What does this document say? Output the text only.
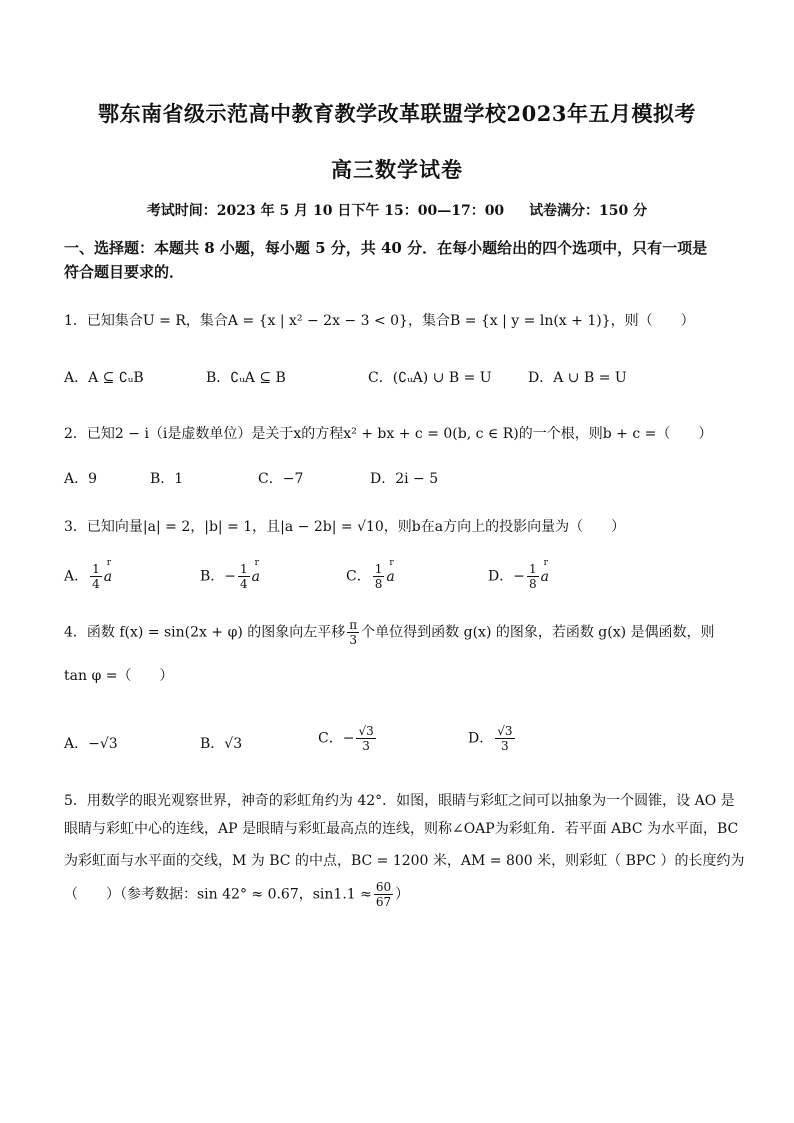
鄂东南省级示范高中教育教学改革联盟学校2023年五月模拟考
高三数学试卷
考试时间：2023 年 5 月 10 日下午 15：00—17：00 试卷满分：150 分
一、选择题：本题共 8 小题，每小题 5 分，共 40 分．在每小题给出的四个选项中，只有一项是
符合题目要求的．
1．已知集合U = R，集合A = {x | x² − 2x − 3 < 0}，集合B = {x | y = ln(x + 1)}，则（　　）
A．A ⊆ ∁ᵤB	B．∁ᵤA ⊆ B	C．(∁ᵤA) ∪ B = U	D．A ∪ B = U
2．已知2 − i（i是虚数单位）是关于x的方程x² + bx + c = 0(b, c ∈ R)的一个根，则b + c =（　　）
A．9	B．1	C．−7	D．2i − 5
3．已知向量|a| = 2，|b| = 1，且|a − 2b| = √10，则b在a方向上的投影向量为（　　）
A． $\frac{1}{4}$ r a	B．− $\frac{1}{4}$ r a	C． $\frac{1}{8}$ r a	D．− $\frac{1}{8}$ r a
4．函数 f(x) = sin(2x + φ) 的图象向左平移 $\frac{\pi}{3}$ 个单位得到函数 g(x) 的图象，若函数 g(x) 是偶函数，则
tan φ =（　　）
A．−√3	B．√3	C．− $\frac{√3}{3}$	D． $\frac{√3}{3}$
5．用数学的眼光观察世界，神奇的彩虹角约为 42°．如图，眼睛与彩虹之间可以抽象为一个圆锥，设 AO 是
眼睛与彩虹中心的连线，AP 是眼睛与彩虹最高点的连线，则称∠OAP为彩虹角．若平面 ABC 为水平面，BC
为彩虹面与水平面的交线，M 为 BC 的中点，BC = 1200 米，AM = 800 米，则彩虹（ BPC ）的长度约为
（　　）（参考数据：sin 42° ≈ 0.67，$\sin 1.1 \approx \frac{60}{67}$ ）
